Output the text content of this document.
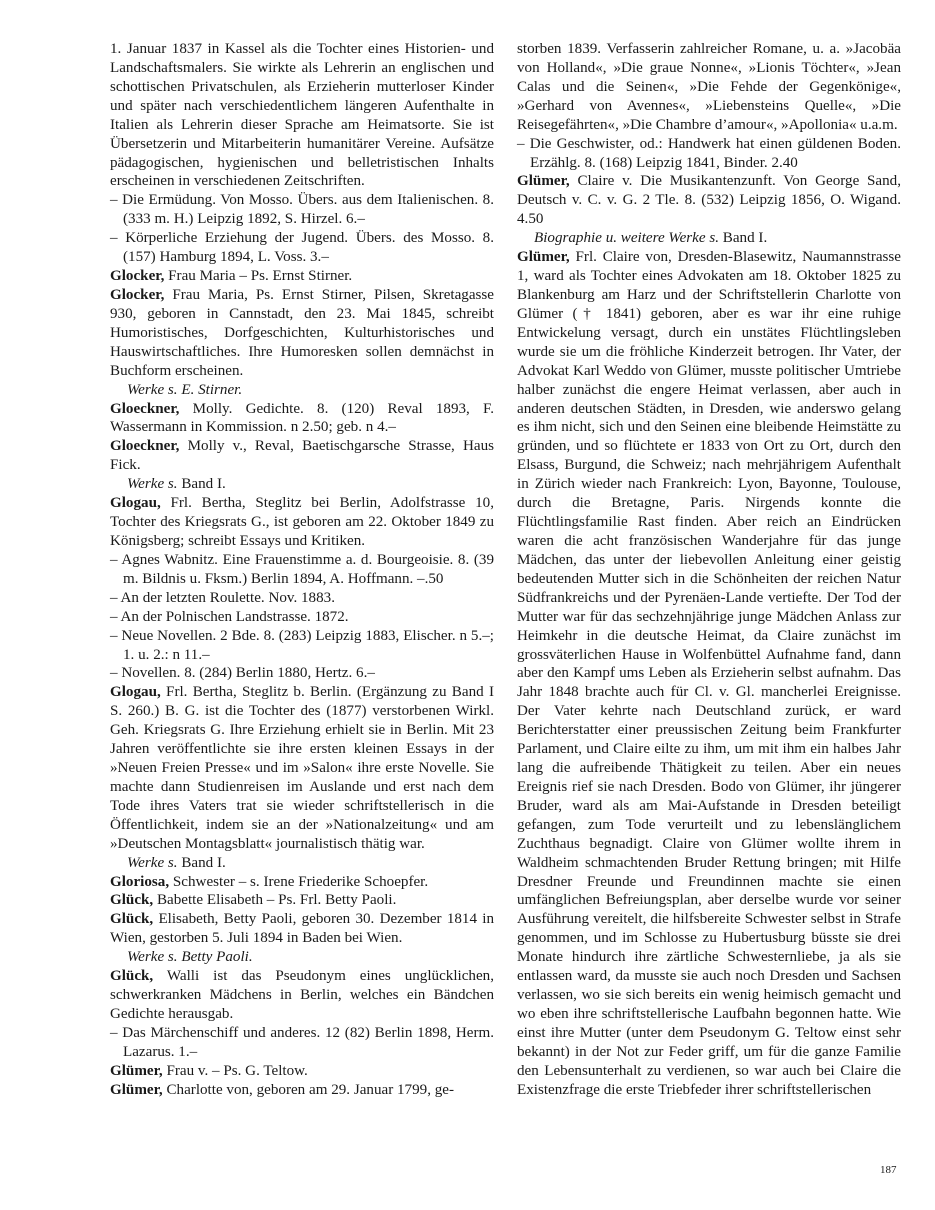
1. Januar 1837 in Kassel als die Tochter eines Historien- und Landschaftsmalers. Sie wirkte als Lehrerin an englischen und schottischen Privatschulen, als Erzieherin mutterloser Kinder und später nach verschiedentlichem längeren Aufenthalte in Italien als Lehrerin dieser Sprache am Heimatsorte. Sie ist Übersetzerin und Mitarbeiterin humanitärer Vereine. Aufsätze pädagogischen, hygienischen und belletristischen Inhalts erscheinen in verschiedenen Zeitschriften.

– Die Ermüdung. Von Mosso. Übers. aus dem Italienischen. 8. (333 m. H.) Leipzig 1892, S. Hirzel. 6.–

– Körperliche Erziehung der Jugend. Übers. des Mosso. 8. (157) Hamburg 1894, L. Voss. 3.–

Glocker, Frau Maria – Ps. Ernst Stirner.

Glocker, Frau Maria, Ps. Ernst Stirner, Pilsen, Skretagasse 930, geboren in Cannstadt, den 23. Mai 1845, schreibt Humoristisches, Dorfgeschichten, Kulturhistorisches und Hauswirtschaftliches. Ihre Humoresken sollen demnächst in Buchform erscheinen.

Werke s. E. Stirner.

Gloeckner, Molly. Gedichte. 8. (120) Reval 1893, F. Wassermann in Kommission. n 2.50; geb. n 4.–

Gloeckner, Molly v., Reval, Baetischgarsche Strasse, Haus Fick.

Werke s. Band I.

Glogau, Frl. Bertha, Steglitz bei Berlin, Adolfstrasse 10, Tochter des Kriegsrats G., ist geboren am 22. Oktober 1849 zu Königsberg; schreibt Essays und Kritiken.

– Agnes Wabnitz. Eine Frauenstimme a. d. Bourgeoisie. 8. (39 m. Bildnis u. Fksm.) Berlin 1894, A. Hoffmann. –.50

– An der letzten Roulette. Nov. 1883.

– An der Polnischen Landstrasse. 1872.

– Neue Novellen. 2 Bde. 8. (283) Leipzig 1883, Elischer. n 5.–; 1. u. 2.: n 11.–

– Novellen. 8. (284) Berlin 1880, Hertz. 6.–

Glogau, Frl. Bertha, Steglitz b. Berlin. (Ergänzung zu Band I S. 260.) B. G. ist die Tochter des (1877) verstorbenen Wirkl. Geh. Kriegsrats G. Ihre Erziehung erhielt sie in Berlin. Mit 23 Jahren veröffentlichte sie ihre ersten kleinen Essays in der »Neuen Freien Presse« und im »Salon« ihre erste Novelle. Sie machte dann Studienreisen im Auslande und erst nach dem Tode ihres Vaters trat sie wieder schriftstellerisch in die Öffentlichkeit, indem sie an der »Nationalzeitung« und am »Deutschen Montagsblatt« journalistisch thätig war.

Werke s. Band I.

Gloriosa, Schwester – s. Irene Friederike Schoepfer.

Glück, Babette Elisabeth – Ps. Frl. Betty Paoli.

Glück, Elisabeth, Betty Paoli, geboren 30. Dezember 1814 in Wien, gestorben 5. Juli 1894 in Baden bei Wien.

Werke s. Betty Paoli.

Glück, Walli ist das Pseudonym eines unglücklichen, schwerkranken Mädchens in Berlin, welches ein Bändchen Gedichte herausgab.

– Das Märchenschiff und anderes. 12 (82) Berlin 1898, Herm. Lazarus. 1.–

Glümer, Frau v. – Ps. G. Teltow.

Glümer, Charlotte von, geboren am 29. Januar 1799, ge-

storben 1839. Verfasserin zahlreicher Romane, u. a. »Jacobäa von Holland«, »Die graue Nonne«, »Lionis Töchter«, »Jean Calas und die Seinen«, »Die Fehde der Gegenkönige«, »Gerhard von Avennes«, »Liebensteins Quelle«, »Die Reisegefährten«, »Die Chambre d’amour«, »Apollonia« u.a.m.

– Die Geschwister, od.: Handwerk hat einen güldenen Boden. Erzählg. 8. (168) Leipzig 1841, Binder. 2.40

Glümer, Claire v. Die Musikantenzunft. Von George Sand, Deutsch v. C. v. G. 2 Tle. 8. (532) Leipzig 1856, O. Wigand. 4.50

Biographie u. weitere Werke s. Band I.

Glümer, Frl. Claire von, Dresden-Blasewitz, Naumannstrasse 1, ward als Tochter eines Advokaten am 18. Oktober 1825 zu Blankenburg am Harz und der Schriftstellerin Charlotte von Glümer († 1841) geboren, aber es war ihr eine ruhige Entwickelung versagt, durch ein unstätes Flüchtlingsleben wurde sie um die fröhliche Kinderzeit betrogen. Ihr Vater, der Advokat Karl Weddo von Glümer, musste politischer Umtriebe halber zunächst die engere Heimat verlassen, aber auch in anderen deutschen Städten, in Dresden, wie anderswo gelang es ihm nicht, sich und den Seinen eine bleibende Heimstätte zu gründen, und so flüchtete er 1833 von Ort zu Ort, durch den Elsass, Burgund, die Schweiz; nach mehrjährigem Aufenthalt in Zürich wieder nach Frankreich: Lyon, Bayonne, Toulouse, durch die Bretagne, Paris. Nirgends konnte die Flüchtlingsfamilie Rast finden. Aber reich an Eindrücken waren die acht französischen Wanderjahre für das junge Mädchen, das unter der liebevollen Anleitung einer geistig bedeutenden Mutter sich in die Schönheiten der reichen Natur Südfrankreichs und der Pyrenäen-Lande vertiefte. Der Tod der Mutter war für das sechzehnjährige junge Mädchen Anlass zur Heimkehr in die deutsche Heimat, da Claire zunächst im grossväterlichen Hause in Wolfenbüttel Aufnahme fand, dann aber den Kampf ums Leben als Erzieherin selbst aufnahm. Das Jahr 1848 brachte auch für Cl. v. Gl. mancherlei Ereignisse. Der Vater kehrte nach Deutschland zurück, er ward Berichterstatter einer preussischen Zeitung beim Frankfurter Parlament, und Claire eilte zu ihm, um mit ihm ein halbes Jahr lang die aufreibende Thätigkeit zu teilen. Aber ein neues Ereignis rief sie nach Dresden. Bodo von Glümer, ihr jüngerer Bruder, ward als am Mai-Aufstande in Dresden beteiligt gefangen, zum Tode verurteilt und zu lebenslänglichem Zuchthaus begnadigt. Claire von Glümer wollte ihrem in Waldheim schmachtenden Bruder Rettung bringen; mit Hilfe Dresdner Freunde und Freundinnen machte sie einen umfänglichen Befreiungsplan, aber derselbe wurde vor seiner Ausführung vereitelt, die hilfsbereite Schwester selbst in Strafe genommen, und im Schlosse zu Hubertusburg büsste sie drei Monate hindurch ihre zärtliche Schwesternliebe, ja als sie entlassen ward, da musste sie auch noch Dresden und Sachsen verlassen, wo sie sich bereits ein wenig heimisch gemacht und wo eben ihre schriftstellerische Laufbahn begonnen hatte. Wie einst ihre Mutter (unter dem Pseudonym G. Teltow einst sehr bekannt) in der Not zur Feder griff, um für die ganze Familie den Lebensunterhalt zu verdienen, so war auch bei Claire die Existenzfrage die erste Triebfeder ihrer schriftstellerischen

187
